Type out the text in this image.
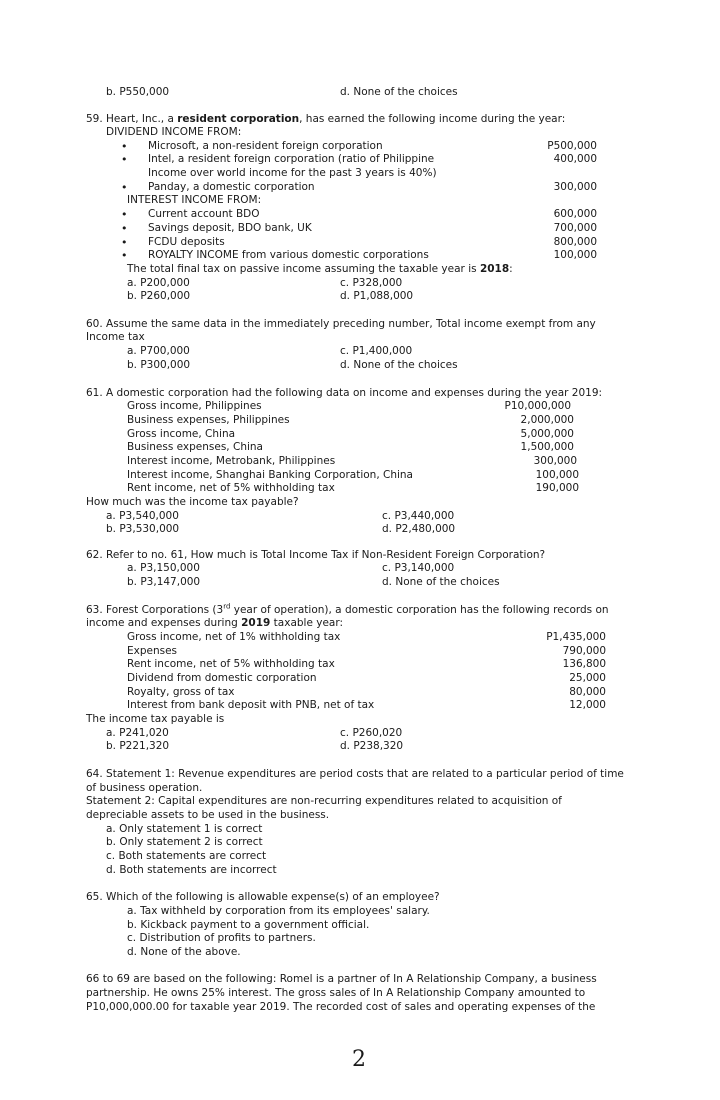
b. P550,000	d. None of the choices
59. Heart, Inc., a resident corporation, has earned the following income during the year:
DIVIDEND INCOME FROM:
• Microsoft, a non-resident foreign corporation	P500,000
• Intel, a resident foreign corporation (ratio of Philippine	400,000
Income over world income for the past 3 years is 40%)
• Panday, a domestic corporation	300,000
INTEREST INCOME FROM:
• Current account BDO	600,000
• Savings deposit, BDO bank, UK	700,000
• FCDU deposits	800,000
• ROYALTY INCOME from various domestic corporations	100,000
The total final tax on passive income assuming the taxable year is 2018:
a. P200,000	c. P328,000
b. P260,000	d. P1,088,000
60. Assume the same data in the immediately preceding number, Total income exempt from any
Income tax
a. P700,000	c. P1,400,000
b. P300,000	d. None of the choices
61. A domestic corporation had the following data on income and expenses during the year 2019:
Gross income, Philippines	P10,000,000
Business expenses, Philippines	2,000,000
Gross income, China	5,000,000
Business expenses, China	1,500,000
Interest income, Metrobank, Philippines	300,000
Interest income, Shanghai Banking Corporation, China	100,000
Rent income, net of 5% withholding tax	190,000
How much was the income tax payable?
a. P3,540,000	c. P3,440,000
b. P3,530,000	d. P2,480,000
62. Refer to no. 61, How much is Total Income Tax if Non-Resident Foreign Corporation?
a. P3,150,000	c. P3,140,000
b. P3,147,000	d. None of the choices
63. Forest Corporations (3rd year of operation), a domestic corporation has the following records on
income and expenses during 2019 taxable year:
Gross income, net of 1% withholding tax	P1,435,000
Expenses	790,000
Rent income, net of 5% withholding tax	136,800
Dividend from domestic corporation	25,000
Royalty, gross of tax	80,000
Interest from bank deposit with PNB, net of tax	12,000
The income tax payable is
a. P241,020	c. P260,020
b. P221,320	d. P238,320
64. Statement 1: Revenue expenditures are period costs that are related to a particular period of time
of business operation.
Statement 2: Capital expenditures are non-recurring expenditures related to acquisition of
depreciable assets to be used in the business.
a. Only statement 1 is correct
b. Only statement 2 is correct
c. Both statements are correct
d. Both statements are incorrect
65. Which of the following is allowable expense(s) of an employee?
a. Tax withheld by corporation from its employees' salary.
b. Kickback payment to a government official.
c. Distribution of profits to partners.
d. None of the above.
66 to 69 are based on the following: Romel is a partner of In A Relationship Company, a business
partnership. He owns 25% interest. The gross sales of In A Relationship Company amounted to
P10,000,000.00 for taxable year 2019. The recorded cost of sales and operating expenses of the
2
